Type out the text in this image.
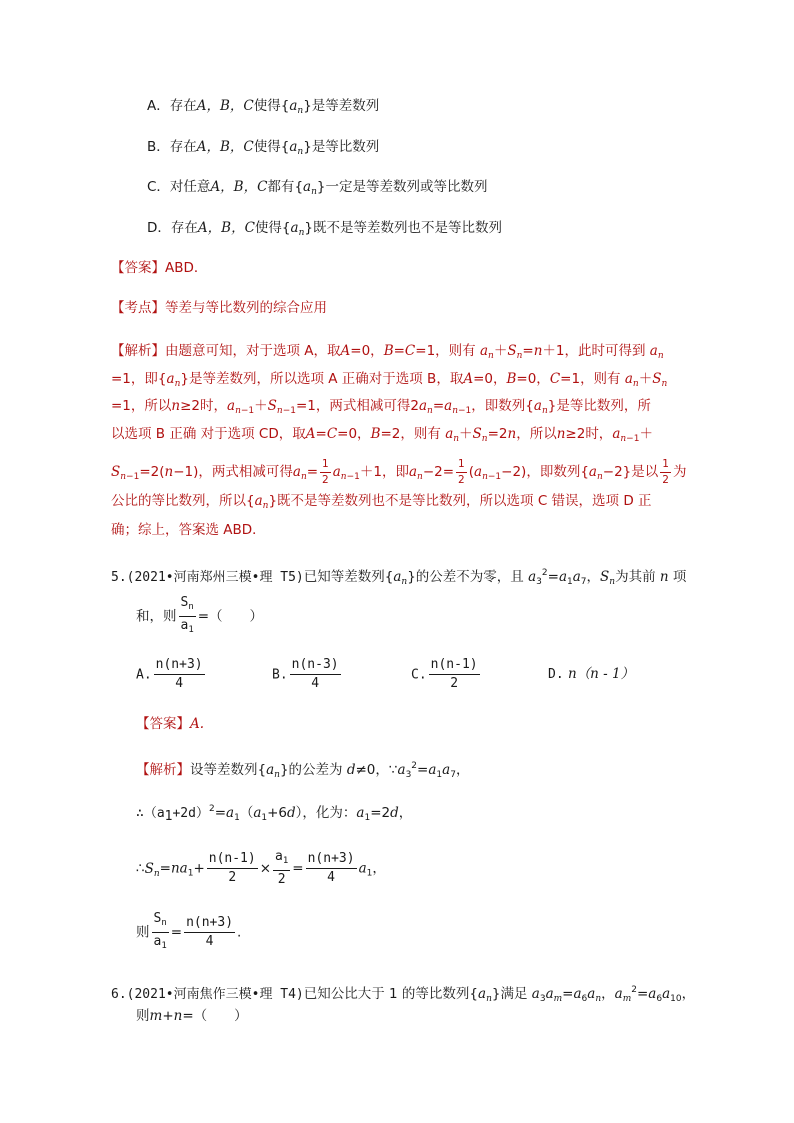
A．存在A，B，C使得$\{a_n\}$是等差数列
B．存在A，B，C使得$\{a_n\}$是等比数列
C．对任意A，B，C都有$\{a_n\}$一定是等差数列或等比数列
D．存在A，B，C使得$\{a_n\}$既不是等差数列也不是等比数列
【答案】ABD．
【考点】等差与等比数列的综合应用
【解析】由题意可知，对于选项 A，取A=0，B=C=1，则有 $a_n+S_n=n+1$，此时可得到 $a_n$
=1，即$\{a_n\}$是等差数列，所以选项 A 正确对于选项 B，取A=0，B=0，C=1，则有 $a_n+S_n$
=1，所以n≥2时，$a_{n-1}+S_{n-1}=1$，两式相减可得$2a_n=a_{n-1}$，即数列$\{a_n\}$是等比数列，所
以选项 B 正确 对于选项 CD，取A=C=0，B=2，则有 $a_n+S_n=2n$，所以n≥2时，$a_{n-1}+$
$S_{n-1}=2(n-1)$，两式相减可得$a_n= \frac{1}{2} a_{n-1}+1$，即$a_n-2= \frac{1}{2} (a_{n-1}-2)$，即数列$\{a_n-2\}$是以 $\frac{1}{2}$ 为
公比的等比数列，所以$\{a_n\}$既不是等差数列也不是等比数列，所以选项 C 错误，选项 D 正
确；综上，答案选 ABD．
5.(2021•河南郑州三模•理 T5)已知等差数列$\{a_n\}$的公差不为零，且 $a_3^2=a_1a_7$，$S_n$为其前 n 项
和，则 $\frac{S_n}{a_1}$ =（　　）
A. $\frac{n(n+3)}{4}$	B. $\frac{n(n-3)}{4}$	C. $\frac{n(n-1)}{2}$	D. n（n - 1）
【答案】A.
【解析】设等差数列$\{a_n\}$的公差为 d≠0，$\because a_3^2=a_1a_7$，
$\therefore(a_1+2d)^2=a_1(a_1+6d)$，化为：$a_1=2d$，
$\therefore S_n=na_1+ \frac{n(n-1)}{2} \times \frac{a_1}{2} = \frac{n(n+3)}{4} a_1$，
则 $\frac{S_n}{a_1} = \frac{n(n+3)}{4}$ .
6.(2021•河南焦作三模•理 T4)已知公比大于 1 的等比数列$\{a_n\}$满足 $a_3a_m=a_6a_n$，$a_m^2=a_6a_{10}$，
则m+n=（　　）
